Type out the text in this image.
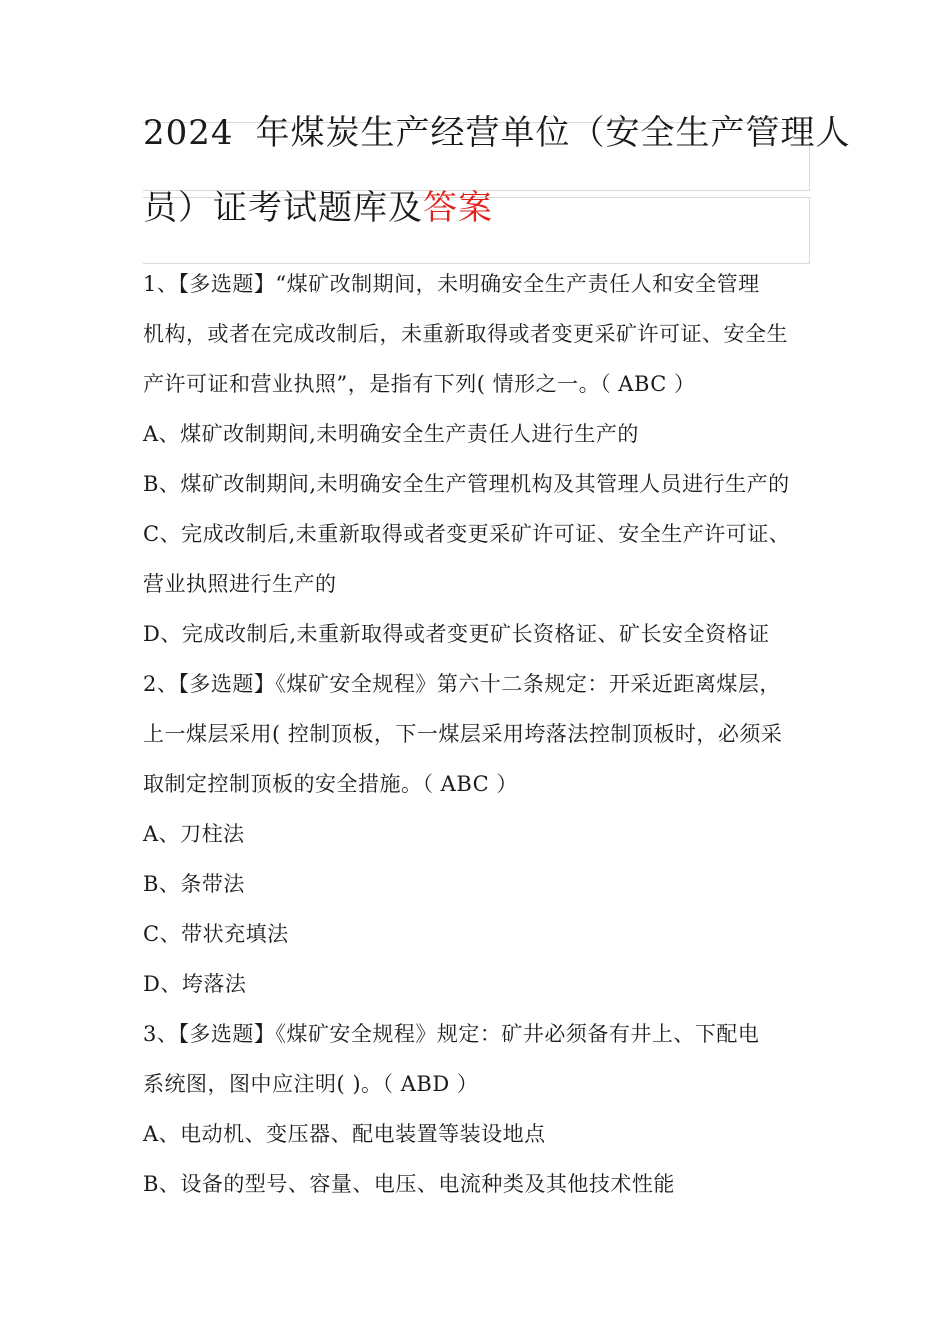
2024 年煤炭生产经营单位（安全生产管理人
员）证考试题库及答案
1、【多选题】“煤矿改制期间，未明确安全生产责任人和安全管理
机构，或者在完成改制后，未重新取得或者变更采矿许可证、安全生
产许可证和营业执照”，是指有下列( 情形之一。（ ABC ）
A、煤矿改制期间,未明确安全生产责任人进行生产的
B、煤矿改制期间,未明确安全生产管理机构及其管理人员进行生产的
C、完成改制后,未重新取得或者变更采矿许可证、安全生产许可证、
营业执照进行生产的
D、完成改制后,未重新取得或者变更矿长资格证、矿长安全资格证
2、【多选题】《煤矿安全规程》第六十二条规定：开采近距离煤层，
上一煤层采用( 控制顶板，下一煤层采用垮落法控制顶板时，必须采
取制定控制顶板的安全措施。（ ABC ）
A、刀柱法
B、条带法
C、带状充填法
D、垮落法
3、【多选题】《煤矿安全规程》规定：矿井必须备有井上、下配电
系统图，图中应注明( )。（ ABD ）
A、电动机、变压器、配电装置等装设地点
B、设备的型号、容量、电压、电流种类及其他技术性能
